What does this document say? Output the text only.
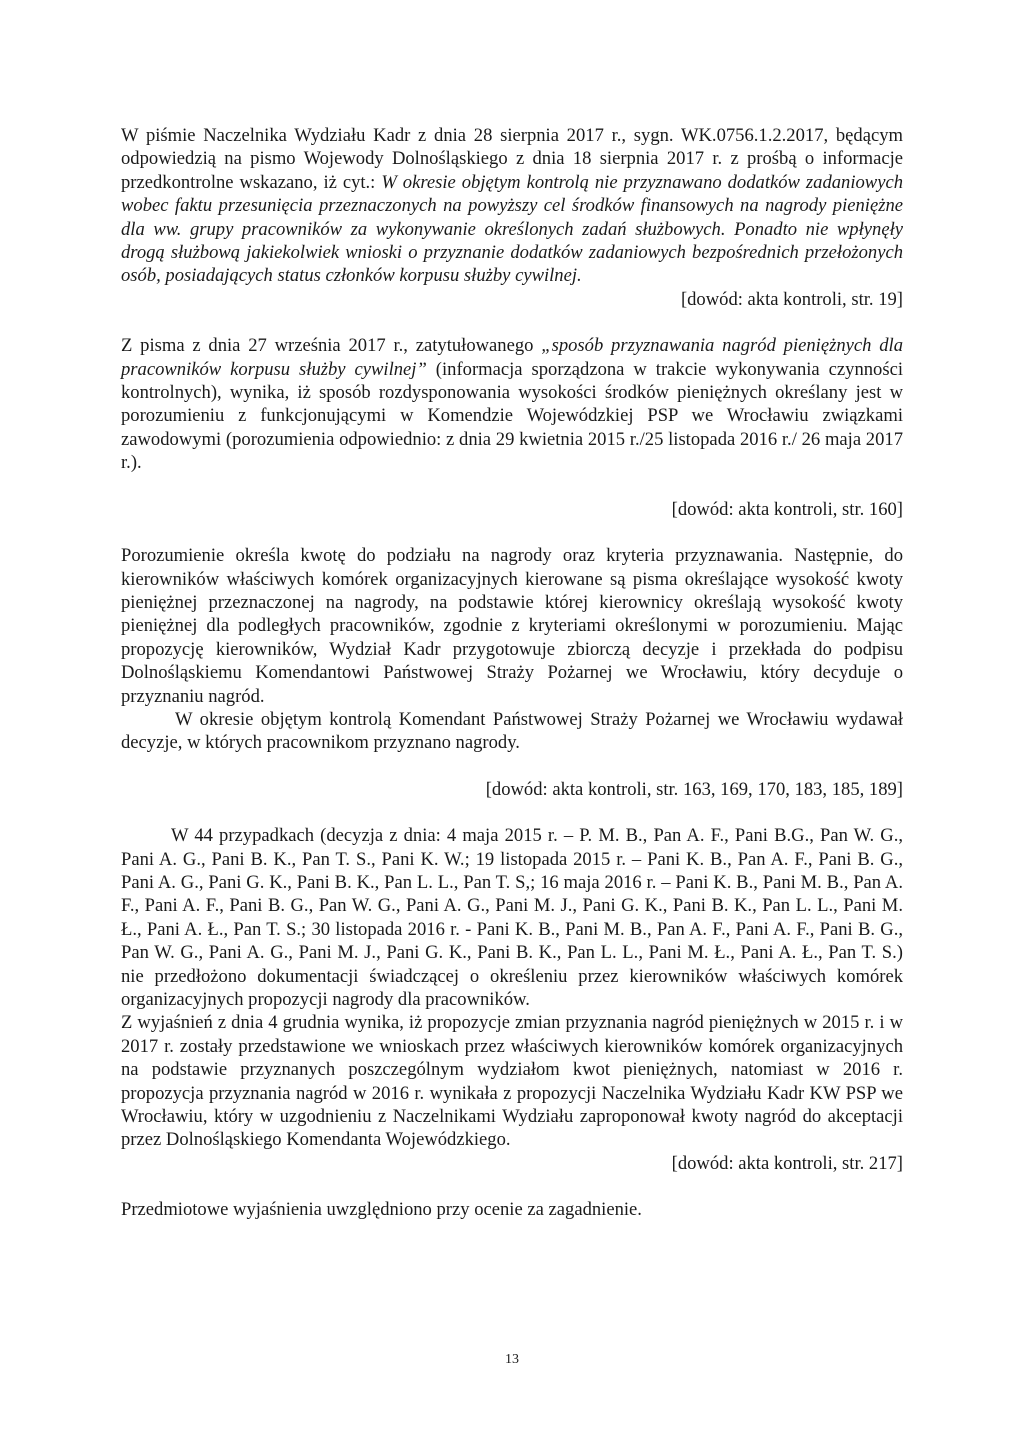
W piśmie Naczelnika Wydziału Kadr z dnia 28 sierpnia 2017 r., sygn. WK.0756.1.2.2017, będącym odpowiedzią na pismo Wojewody Dolnośląskiego z dnia 18 sierpnia 2017 r. z prośbą o informacje przedkontrolne wskazano, iż cyt.: W okresie objętym kontrolą nie przyznawano dodatków zadaniowych wobec faktu przesunięcia przeznaczonych na powyższy cel środków finansowych na nagrody pieniężne dla ww. grupy pracowników za wykonywanie określonych zadań służbowych. Ponadto nie wpłynęły drogą służbową jakiekolwiek wnioski o przyznanie dodatków zadaniowych bezpośrednich przełożonych osób, posiadających status członków korpusu służby cywilnej.

[dowód: akta kontroli, str. 19]

Z pisma z dnia 27 września 2017 r., zatytułowanego „sposób przyznawania nagród pieniężnych dla pracowników korpusu służby cywilnej” (informacja sporządzona w trakcie wykonywania czynności kontrolnych), wynika, iż sposób rozdysponowania wysokości środków pieniężnych określany jest w porozumieniu z funkcjonującymi w Komendzie Wojewódzkiej PSP we Wrocławiu związkami zawodowymi (porozumienia odpowiednio: z dnia 29 kwietnia 2015 r./25 listopada 2016 r./ 26 maja 2017 r.).

[dowód: akta kontroli, str. 160]

Porozumienie określa kwotę do podziału na nagrody oraz kryteria przyznawania. Następnie, do kierowników właściwych komórek organizacyjnych kierowane są pisma określające wysokość kwoty pieniężnej przeznaczonej na nagrody, na podstawie której kierownicy określają wysokość kwoty pieniężnej dla podległych pracowników, zgodnie z kryteriami określonymi w porozumieniu. Mając propozycję kierowników, Wydział Kadr przygotowuje zbiorczą decyzje i przekłada do podpisu Dolnośląskiemu Komendantowi Państwowej Straży Pożarnej we Wrocławiu, który decyduje o przyznaniu nagród.

W okresie objętym kontrolą Komendant Państwowej Straży Pożarnej we Wrocławiu wydawał decyzje, w których pracownikom przyznano nagrody.

[dowód: akta kontroli, str. 163, 169, 170, 183, 185, 189]

W 44 przypadkach (decyzja z dnia: 4 maja 2015 r. – P. M. B., Pan A. F., Pani B.G., Pan W. G., Pani A. G., Pani B. K., Pan T. S., Pani K. W.; 19 listopada 2015 r. – Pani K. B., Pan A. F., Pani B. G., Pani A. G., Pani G. K., Pani B. K., Pan L. L., Pan T. S,; 16 maja 2016 r. – Pani K. B., Pani M. B., Pan A. F., Pani A. F., Pani B. G., Pan W. G., Pani A. G., Pani M. J., Pani G. K., Pani B. K., Pan L. L., Pani M. Ł., Pani A. Ł., Pan T. S.; 30 listopada 2016 r. - Pani K. B., Pani M. B., Pan A. F., Pani A. F., Pani B. G., Pan W. G., Pani A. G., Pani M. J., Pani G. K., Pani B. K., Pan L. L., Pani M. Ł., Pani A. Ł., Pan T. S.) nie przedłożono dokumentacji świadczącej o określeniu przez kierowników właściwych komórek organizacyjnych propozycji nagrody dla pracowników.

Z wyjaśnień z dnia 4 grudnia wynika, iż propozycje zmian przyznania nagród pieniężnych w 2015 r. i w 2017 r. zostały przedstawione we wnioskach przez właściwych kierowników komórek organizacyjnych na podstawie przyznanych poszczególnym wydziałom kwot pieniężnych, natomiast w 2016 r. propozycja przyznania nagród w 2016 r. wynikała z propozycji Naczelnika Wydziału Kadr KW PSP we Wrocławiu, który w uzgodnieniu z Naczelnikami Wydziału zaproponował kwoty nagród do akceptacji przez Dolnośląskiego Komendanta Wojewódzkiego.

[dowód: akta kontroli, str. 217]

Przedmiotowe wyjaśnienia uwzględniono przy ocenie za zagadnienie.

13
